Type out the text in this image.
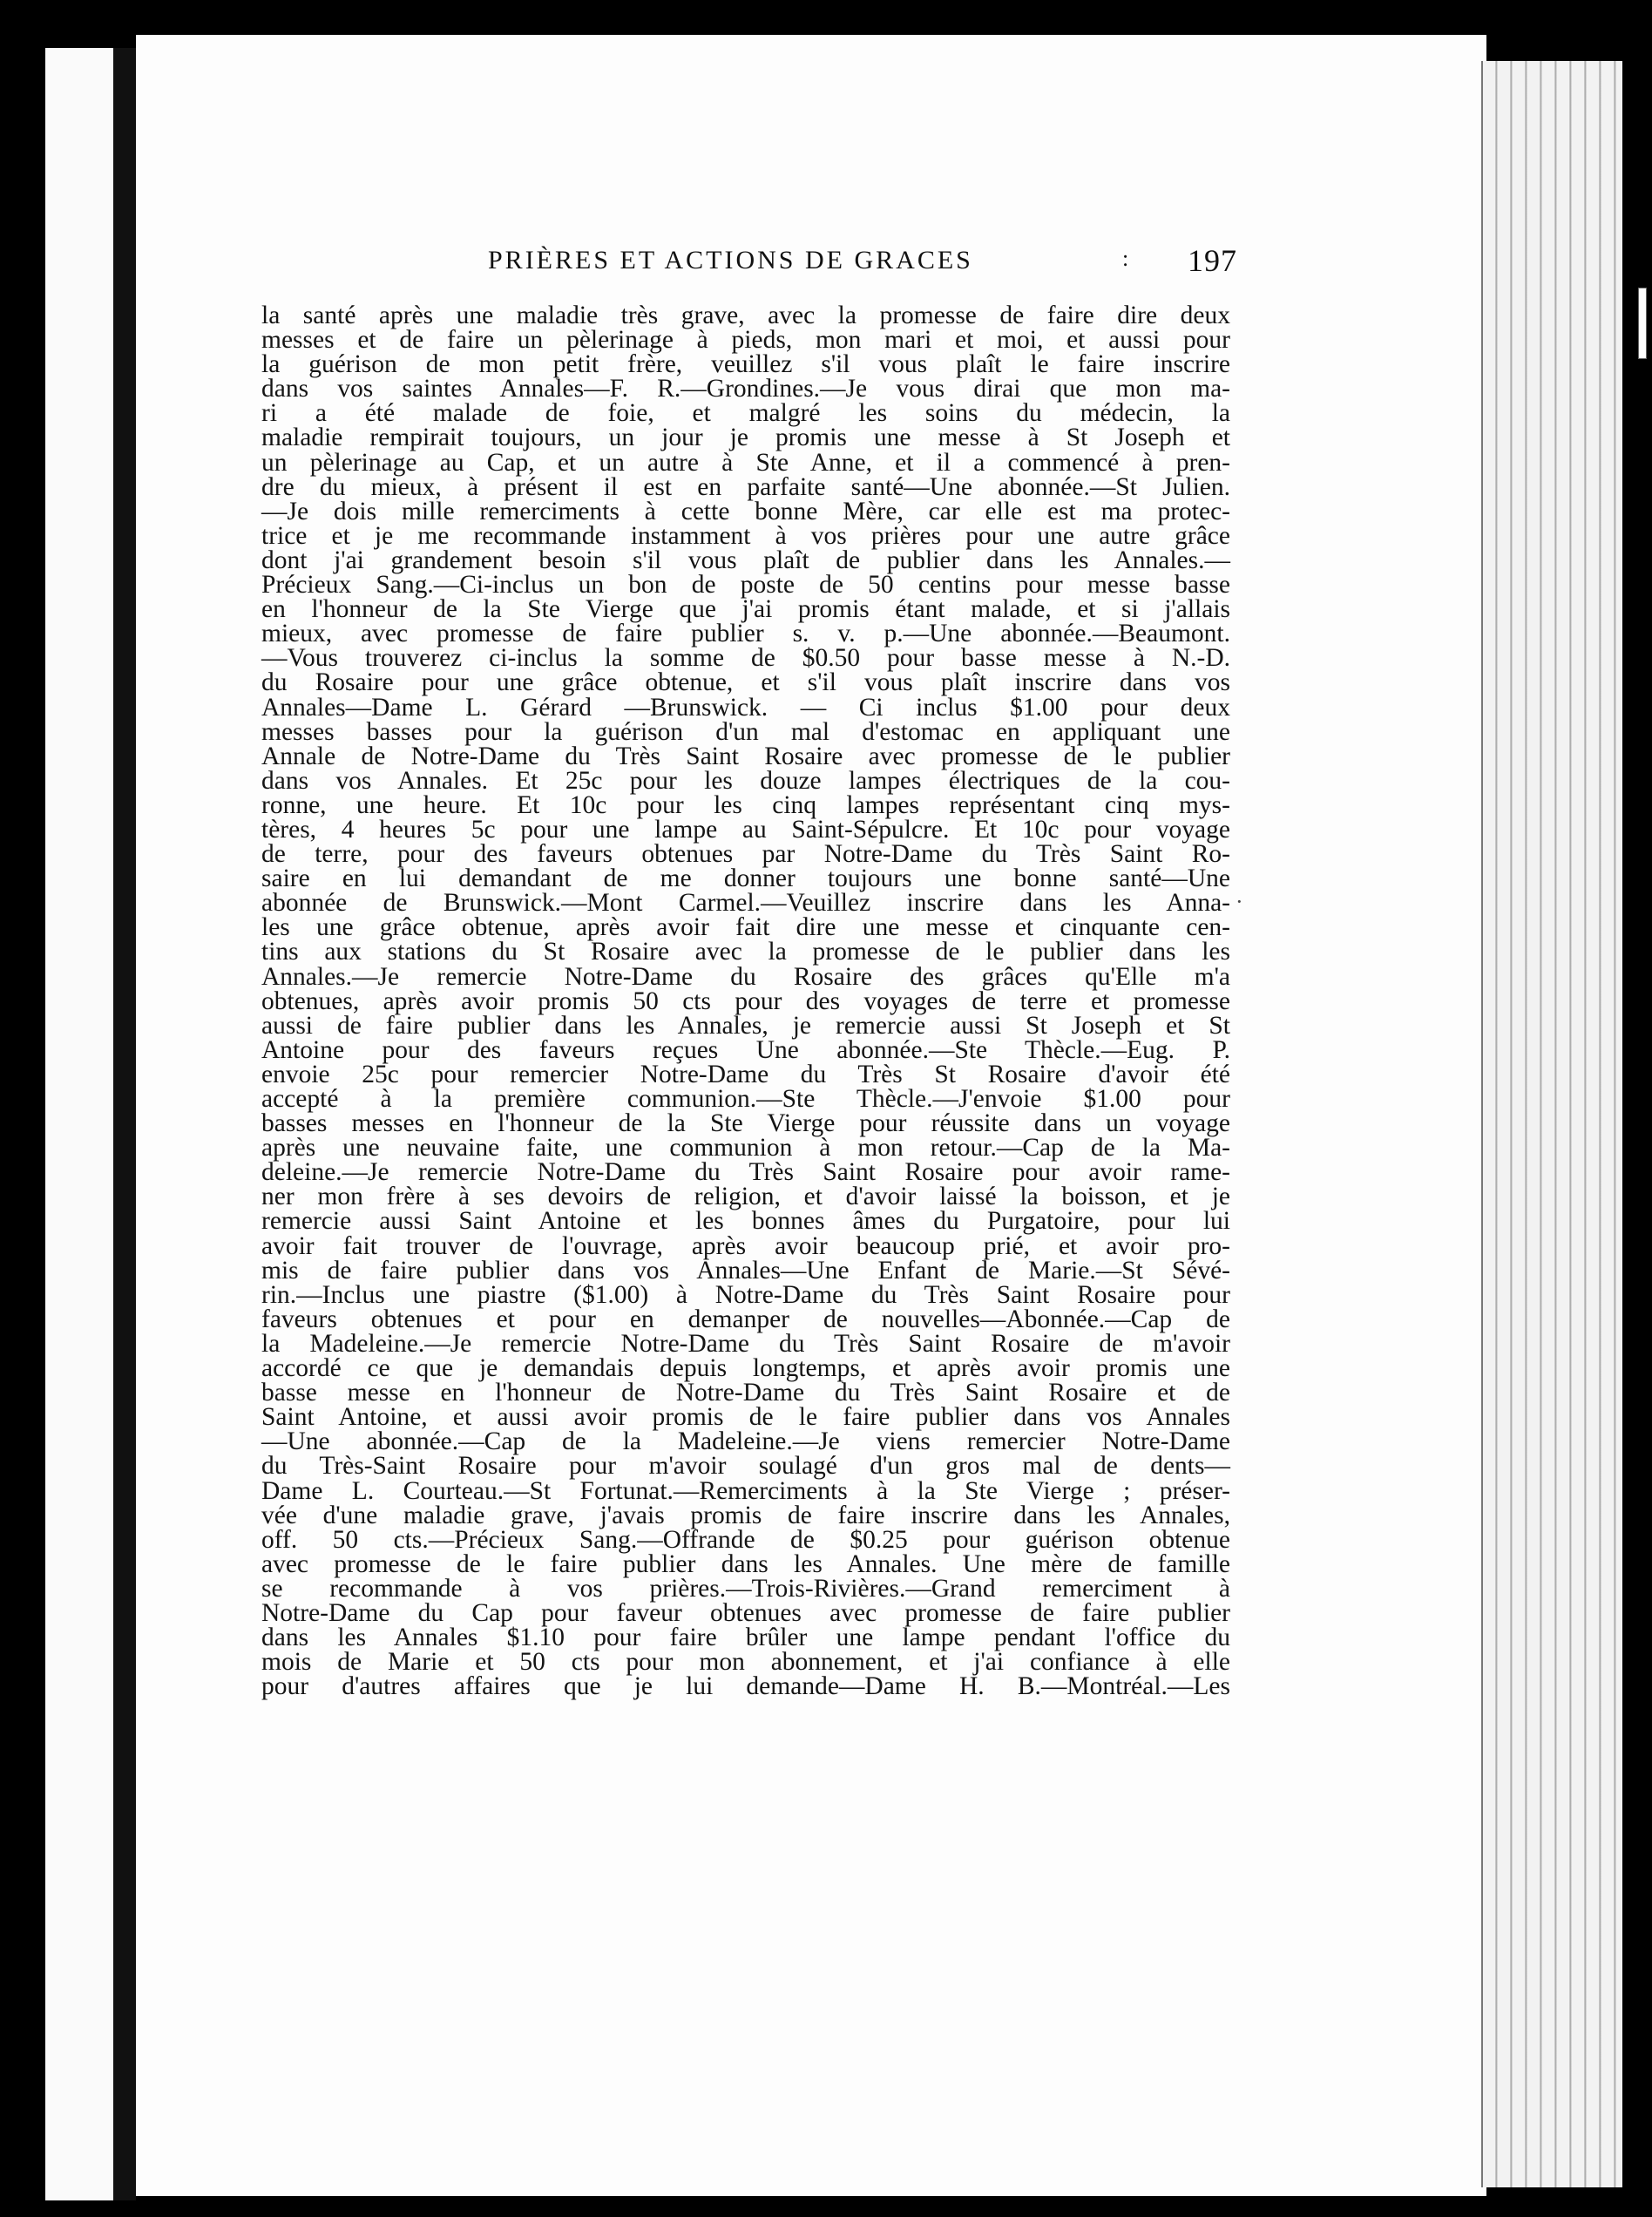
PRIÈRES ET ACTIONS DE GRACES	: 197
la santé après une maladie très grave, avec la promesse de faire dire deux
messes et de faire un pèlerinage à pieds, mon mari et moi, et aussi pour
la guérison de mon petit frère, veuillez s'il vous plaît le faire inscrire
dans vos saintes Annales—F. R.—Grondines.—Je vous dirai que mon ma-
ri a été malade de foie, et malgré les soins du médecin, la
maladie rempirait toujours, un jour je promis une messe à St Joseph et
un pèlerinage au Cap, et un autre à Ste Anne, et il a commencé à pren-
dre du mieux, à présent il est en parfaite santé—Une abonnée.—St Julien.
—Je dois mille remerciments à cette bonne Mère, car elle est ma protec-
trice et je me recommande instamment à vos prières pour une autre grâce
dont j'ai grandement besoin s'il vous plaît de publier dans les Annales.—
Précieux Sang.—Ci-inclus un bon de poste de 50 centins pour messe basse
en l'honneur de la Ste Vierge que j'ai promis étant malade, et si j'allais
mieux, avec promesse de faire publier s. v. p.—Une abonnée.—Beaumont.
—Vous trouverez ci-inclus la somme de $0.50 pour basse messe à N.-D.
du Rosaire pour une grâce obtenue, et s'il vous plaît inscrire dans vos
Annales—Dame L. Gérard —Brunswick. — Ci inclus $1.00 pour deux
messes basses pour la guérison d'un mal d'estomac en appliquant une
Annale de Notre-Dame du Très Saint Rosaire avec promesse de le publier
dans vos Annales. Et 25c pour les douze lampes électriques de la cou-
ronne, une heure. Et 10c pour les cinq lampes représentant cinq mys-
tères, 4 heures 5c pour une lampe au Saint-Sépulcre. Et 10c pour voyage
de terre, pour des faveurs obtenues par Notre-Dame du Très Saint Ro-
saire en lui demandant de me donner toujours une bonne santé—Une
abonnée de Brunswick.—Mont Carmel.—Veuillez inscrire dans les Anna-
les une grâce obtenue, après avoir fait dire une messe et cinquante cen-
tins aux stations du St Rosaire avec la promesse de le publier dans les
Annales.—Je remercie Notre-Dame du Rosaire des grâces qu'Elle m'a
obtenues, après avoir promis 50 cts pour des voyages de terre et promesse
aussi de faire publier dans les Annales, je remercie aussi St Joseph et St
Antoine pour des faveurs reçues Une abonnée.—Ste Thècle.—Eug. P.
envoie 25c pour remercier Notre-Dame du Très St Rosaire d'avoir été
accepté à la première communion.—Ste Thècle.—J'envoie $1.00 pour
basses messes en l'honneur de la Ste Vierge pour réussite dans un voyage
après une neuvaine faite, une communion à mon retour.—Cap de la Ma-
deleine.—Je remercie Notre-Dame du Très Saint Rosaire pour avoir rame-
ner mon frère à ses devoirs de religion, et d'avoir laissé la boisson, et je
remercie aussi Saint Antoine et les bonnes âmes du Purgatoire, pour lui
avoir fait trouver de l'ouvrage, après avoir beaucoup prié, et avoir pro-
mis de faire publier dans vos Annales—Une Enfant de Marie.—St Sévé-
rin.—Inclus une piastre ($1.00) à Notre-Dame du Très Saint Rosaire pour
faveurs obtenues et pour en demanper de nouvelles—Abonnée.—Cap de
la Madeleine.—Je remercie Notre-Dame du Très Saint Rosaire de m'avoir
accordé ce que je demandais depuis longtemps, et après avoir promis une
basse messe en l'honneur de Notre-Dame du Très Saint Rosaire et de
Saint Antoine, et aussi avoir promis de le faire publier dans vos Annales
—Une abonnée.—Cap de la Madeleine.—Je viens remercier Notre-Dame
du Très-Saint Rosaire pour m'avoir soulagé d'un gros mal de dents—
Dame L. Courteau.—St Fortunat.—Remerciments à la Ste Vierge ; préser-
vée d'une maladie grave, j'avais promis de faire inscrire dans les Annales,
off. 50 cts.—Précieux Sang.—Offrande de $0.25 pour guérison obtenue
avec promesse de le faire publier dans les Annales. Une mère de famille
se recommande à vos prières.—Trois-Rivières.—Grand remerciment à
Notre-Dame du Cap pour faveur obtenues avec promesse de faire publier
dans les Annales $1.10 pour faire brûler une lampe pendant l'office du
mois de Marie et 50 cts pour mon abonnement, et j'ai confiance à elle
pour d'autres affaires que je lui demande—Dame H. B.—Montréal.—Les
·
